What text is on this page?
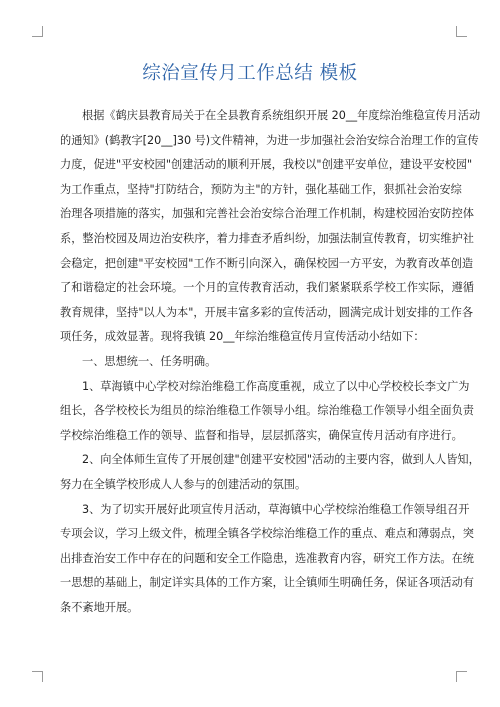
综治宣传月工作总结 模板
根据《鹤庆县教育局关于在全县教育系统组织开展 20__年度综治维稳宣传月活动
的通知》(鹤教字[20__]30 号)文件精神，为进一步加强社会治安综合治理工作的宣传
力度，促进"平安校园"创建活动的顺利开展，我校以"创建平安单位，建设平安校园"
为工作重点，坚持"打防结合，预防为主"的方针，强化基础工作，狠抓社会治安综
治理各项措施的落实，加强和完善社会治安综合治理工作机制，构建校园治安防控体
系，整治校园及周边治安秩序，着力排查矛盾纠纷，加强法制宣传教育，切实维护社
会稳定，把创建"平安校园"工作不断引向深入，确保校园一方平安，为教育改革创造
了和谐稳定的社会环境。一个月的宣传教育活动，我们紧紧联系学校工作实际，遵循
教育规律，坚持"以人为本"，开展丰富多彩的宣传活动，圆满完成计划安排的工作各
项任务，成效显著。现将我镇 20__年综治维稳宣传月宣传活动小结如下：
一、思想统一、任务明确。
1、草海镇中心学校对综治维稳工作高度重视，成立了以中心学校校长李文广为
组长，各学校校长为组员的综治维稳工作领导小组。综治维稳工作领导小组全面负责
学校综治维稳工作的领导、监督和指导，层层抓落实，确保宣传月活动有序进行。
2、向全体师生宣传了开展创建"创建平安校园"活动的主要内容，做到人人皆知，
努力在全镇学校形成人人参与的创建活动的氛围。
3、为了切实开展好此项宣传月活动，草海镇中心学校综治维稳工作领导组召开
专项会议，学习上级文件，梳理全镇各学校综治维稳工作的重点、难点和薄弱点，突
出排查治安工作中存在的问题和安全工作隐患，选准教育内容，研究工作方法。在统
一思想的基础上，制定详实具体的工作方案，让全镇师生明确任务，保证各项活动有
条不紊地开展。
